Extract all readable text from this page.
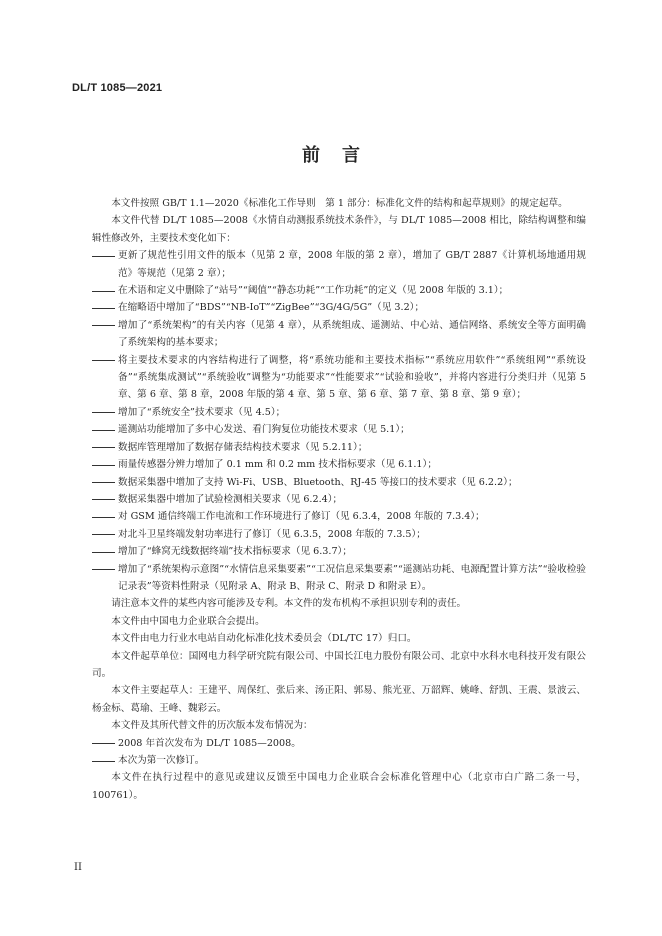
DL/T 1085—2021
前言

本文件按照 GB/T 1.1—2020《标准化工作导则　第 1 部分：标准化文件的结构和起草规则》的规定起草。

本文件代替 DL/T 1085—2008《水情自动测报系统技术条件》，与 DL/T 1085—2008 相比，除结构调整和编辑性修改外，主要技术变化如下：

更新了规范性引用文件的版本（见第 2 章，2008 年版的第 2 章），增加了 GB/T 2887《计算机场地通用规范》等规范（见第 2 章）；

在术语和定义中删除了“站号”“阈值”“静态功耗”“工作功耗”的定义（见 2008 年版的 3.1）；

在缩略语中增加了“BDS”“NB-IoT”“ZigBee”“3G/4G/5G”（见 3.2）；

增加了“系统架构”的有关内容（见第 4 章），从系统组成、遥测站、中心站、通信网络、系统安全等方面明确了系统架构的基本要求；

将主要技术要求的内容结构进行了调整，将“系统功能和主要技术指标”“系统应用软件”“系统组网”“系统设备”“系统集成测试”“系统验收”调整为“功能要求”“性能要求”“试验和验收”，并将内容进行分类归并（见第 5 章、第 6 章、第 8 章，2008 年版的第 4 章、第 5 章、第 6 章、第 7 章、第 8 章、第 9 章）；

增加了“系统安全”技术要求（见 4.5）；

遥测站功能增加了多中心发送、看门狗复位功能技术要求（见 5.1）；

数据库管理增加了数据存储表结构技术要求（见 5.2.11）；

雨量传感器分辨力增加了 0.1 mm 和 0.2 mm 技术指标要求（见 6.1.1）；

数据采集器中增加了支持 Wi-Fi、USB、Bluetooth、RJ-45 等接口的技术要求（见 6.2.2）；

数据采集器中增加了试验检测相关要求（见 6.2.4）；

对 GSM 通信终端工作电流和工作环境进行了修订（见 6.3.4，2008 年版的 7.3.4）；

对北斗卫星终端发射功率进行了修订（见 6.3.5，2008 年版的 7.3.5）；

增加了“蜂窝无线数据终端”技术指标要求（见 6.3.7）；

增加了“系统架构示意图”“水情信息采集要素”“工况信息采集要素”“遥测站功耗、电源配置计算方法”“验收检验记录表”等资料性附录（见附录 A、附录 B、附录 C、附录 D 和附录 E）。

请注意本文件的某些内容可能涉及专利。本文件的发布机构不承担识别专利的责任。

本文件由中国电力企业联合会提出。

本文件由电力行业水电站自动化标准化技术委员会（DL/TC 17）归口。

本文件起草单位：国网电力科学研究院有限公司、中国长江电力股份有限公司、北京中水科水电科技开发有限公司。

本文件主要起草人：王建平、周保红、张后来、汤正阳、郭易、熊光亚、万韶辉、姚峰、舒凯、王震、景波云、杨金标、葛瑜、王峰、魏彩云。

本文件及其所代替文件的历次版本发布情况为：

2008 年首次发布为 DL/T 1085—2008。

本次为第一次修订。

本文件在执行过程中的意见或建议反馈至中国电力企业联合会标准化管理中心（北京市白广路二条一号，100761）。

II
